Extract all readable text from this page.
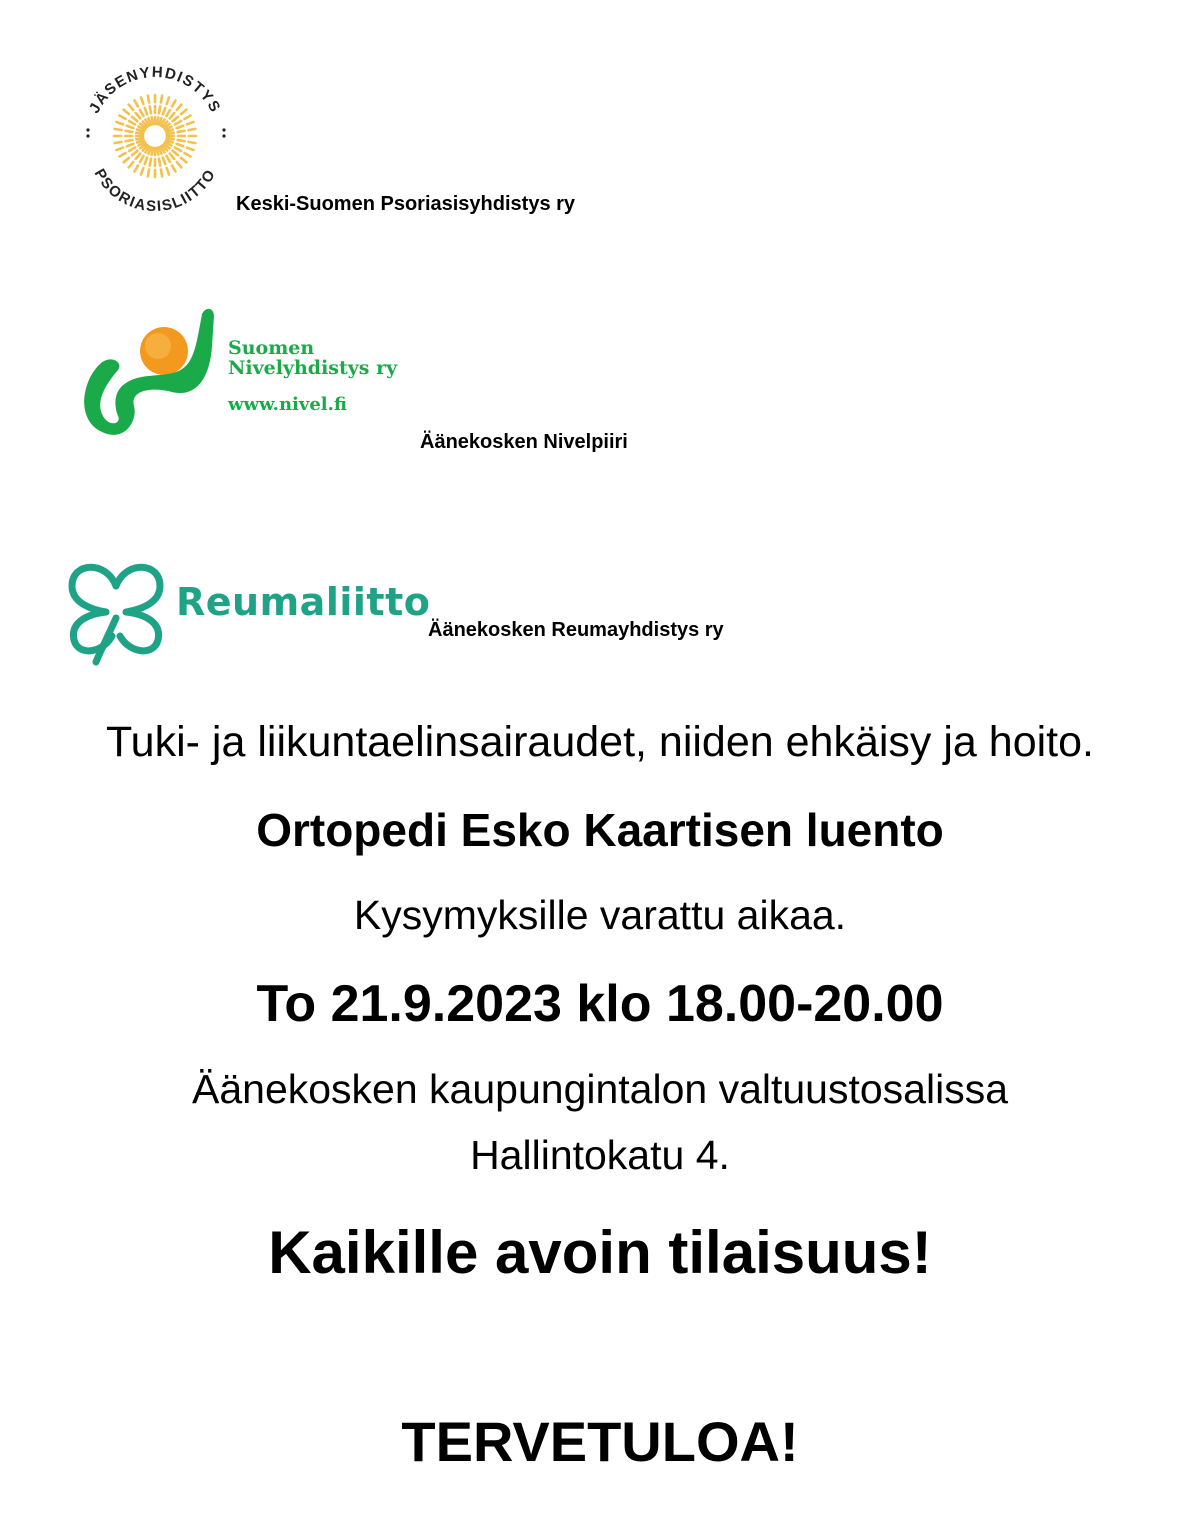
JÄSENYHDISTYS
PSORIASISLIITTO
Keski-Suomen Psoriasisyhdistys ry
Suomen
Nivelyhdistys ry
www.nivel.fi
Äänekosken Nivelpiiri
Reumaliitto
Äänekosken Reumayhdistys ry
Tuki- ja liikuntaelinsairaudet, niiden ehkäisy ja hoito.
Ortopedi Esko Kaartisen luento
Kysymyksille varattu aikaa.
To 21.9.2023 klo 18.00-20.00
Äänekosken kaupungintalon valtuustosalissa
Hallintokatu 4.
Kaikille avoin tilaisuus!
TERVETULOA!
